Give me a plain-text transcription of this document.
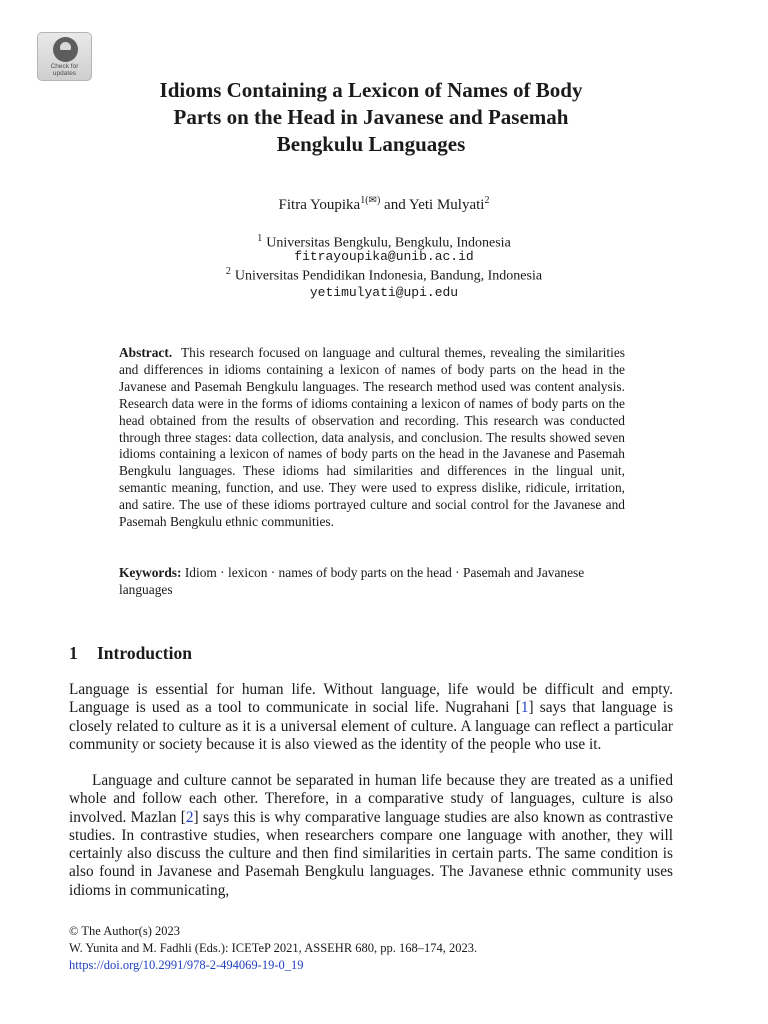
Check for
updates
Idioms Containing a Lexicon of Names of Body
Parts on the Head in Javanese and Pasemah
Bengkulu Languages
Fitra Youpika$^{1(✉)}$ and Yeti Mulyati$^2$
$^1$ Universitas Bengkulu, Bengkulu, Indonesia
fitrayoupika@unib.ac.id
$^2$ Universitas Pendidikan Indonesia, Bandung, Indonesia
yetimulyati@upi.edu

Abstract. This research focused on language and cultural themes, revealing the similarities and differences in idioms containing a lexicon of names of body parts on the head in the Javanese and Pasemah Bengkulu languages. The research method used was content analysis. Research data were in the forms of idioms containing a lexicon of names of body parts on the head obtained from the results of observation and recording. This research was conducted through three stages: data collection, data analysis, and conclusion. The results showed seven idioms containing a lexicon of names of body parts on the head in the Javanese and Pasemah Bengkulu languages. These idioms had similarities and differences in the lingual unit, semantic meaning, function, and use. They were used to express dislike, ridicule, irritation, and satire. The use of these idioms portrayed culture and social control for the Javanese and Pasemah Bengkulu ethnic communities.

Keywords: Idiom · lexicon · names of body parts on the head · Pasemah and Javanese languages

1 Introduction

Language is essential for human life. Without language, life would be difficult and empty. Language is used as a tool to communicate in social life. Nugrahani [1] says that language is closely related to culture as it is a universal element of culture. A language can reflect a particular community or society because it is also viewed as the identity of the people who use it.

Language and culture cannot be separated in human life because they are treated as a unified whole and follow each other. Therefore, in a comparative study of languages, culture is also involved. Mazlan [2] says this is why comparative language studies are also known as contrastive studies. In contrastive studies, when researchers compare one language with another, they will certainly also discuss the culture and then find similarities in certain parts. The same condition is also found in Javanese and Pasemah Bengkulu languages. The Javanese ethnic community uses idioms in communicating,

© The Author(s) 2023
W. Yunita and M. Fadhli (Eds.): ICETeP 2021, ASSEHR 680, pp. 168–174, 2023.
https://doi.org/10.2991/978-2-494069-19-0_19
